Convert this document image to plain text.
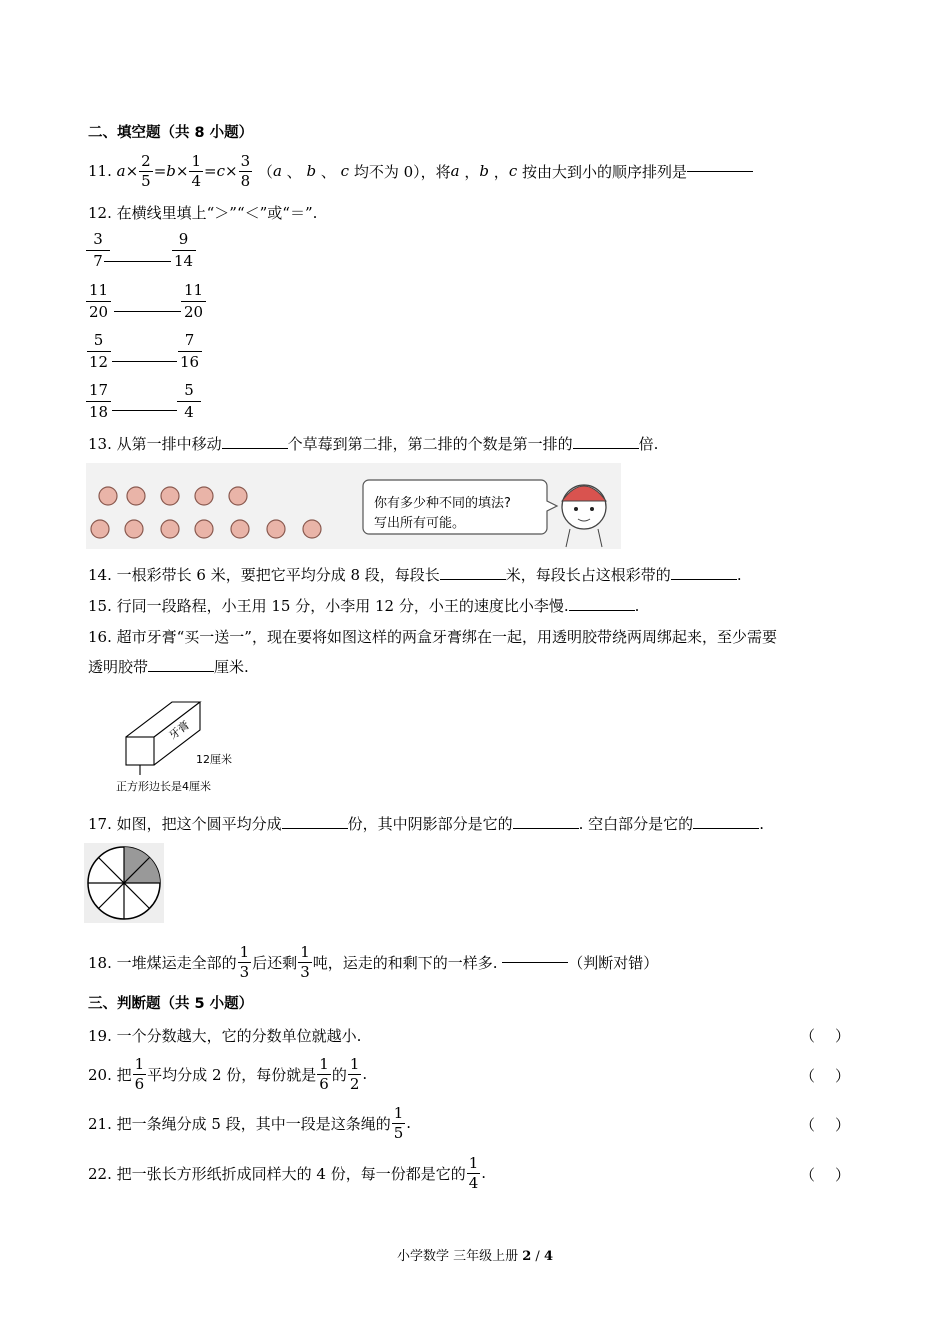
二、填空题（共 8 小题）
11.
$a \times \frac{2}{5} = b \times \frac{1}{4} = c \times \frac{3}{8}$
（ a
、
b
、
c
均不为 0），将 a
， b
， c
按由大到小的顺序排列是
12. 在横线里填上“＞”“＜”或“＝”.
$\frac{3}{7}$	$\frac{9}{14}$
$\frac{11}{20}$	$\frac{11}{20}$
$\frac{5}{12}$	$\frac{7}{16}$
$\frac{17}{18}$	$\frac{5}{4}$
13. 从第一排中移动	个草莓到第二排，第二排的个数是第一排的	倍.
你有多少种不同的填法?
写出所有可能。
14. 一根彩带长 6 米，要把它平均分成 8 段，每段长	米，每段长占这根彩带的	.
15. 行同一段路程，小王用 15 分，小李用 12 分，小王的速度比小李慢.	.
16. 超市牙膏“买一送一”，现在要将如图这样的两盒牙膏绑在一起，用透明胶带绕两周绑起来，至少需要
透明胶带	厘米.
牙膏
12厘米
正方形边长是4厘米
17. 如图，把这个圆平均分成	份，其中阴影部分是它的	. 空白部分是它的	.
18. 一堆煤运走全部的 $\frac{1}{3}$ 后还剩 $\frac{1}{3}$ 吨，运走的和剩下的一样多.
	（判断对错）
三、判断题（共 5 小题）
19. 一个分数越大，它的分数单位就越小.	（ ）
20. 把 $\frac{1}{6}$ 平均分成 2 份，每份就是 $\frac{1}{6}$ 的 $\frac{1}{2}$ .	（ ）
21. 把一条绳分成 5 段，其中一段是这条绳的 $\frac{1}{5}$ .	（ ）
22. 把一张长方形纸折成同样大的 4 份，每一份都是它的 $\frac{1}{4}$ .	（ ）
小学数学 三年级上册 2 / 4
